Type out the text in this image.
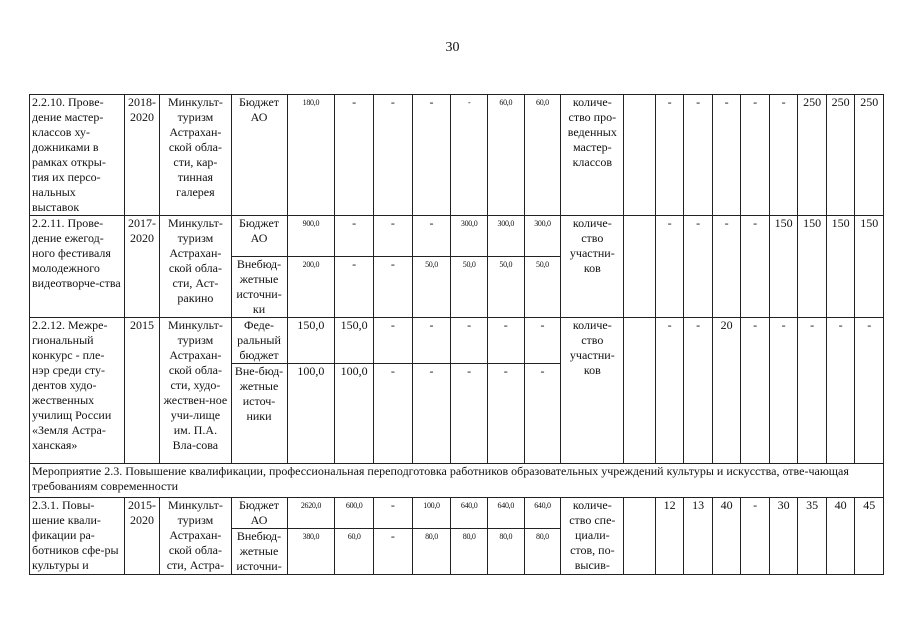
30
2.2.10. Прове-дение мастер-классов ху-дожниками в рамках откры-тия их персо-нальных выставок	2018-2020	Минкульт-туризм Астрахан-ской обла-сти, кар-тинная галерея	Бюджет АО	180,0	-	-	-	-	60,0	60,0	количе-ство про-веденных мастер-классов		-	-	-	-	-	250	250	250
2.2.11. Прове-дение ежегод-ного фестиваля молодежного видеотворче-ства	2017-2020	Минкульт-туризм Астрахан-ской обла-сти, Аст-ракино	Бюджет АО	900,0	-	-	-	300,0	300,0	300,0	количе-ство участни-ков		-	-	-	-	150	150	150	150
			Внебюд-жетные источни-ки	200,0	-	-	50,0	50,0	50,0	50,0										
2.2.12. Межре-гиональный конкурс - пле-нэр среди сту-дентов худо-жественных училищ России «Земля Астра-ханская»	2015	Минкульт-туризм Астрахан-ской обла-сти, худо-жествен-ное учи-лище им. П.А. Вла-сова	Феде-ральный бюджет	150,0	150,0	-	-	-	-	-	количе-ство участни-ков		-	-	20	-	-	-	-	-
			Вне-бюд-жетные источ-ники	100,0	100,0	-	-	-	-	-										
Мероприятие 2.3. Повышение квалификации, профессиональная переподготовка работников образовательных учреждений культуры и искусства, отве-чающая требованиям современности																				
2.3.1. Повы-шение квали-фикации ра-ботников сфе-ры культуры и	2015-2020	Минкульт-туризм Астрахан-ской обла-сти, Астра-	Бюджет АО	2620,0	600,0	-	100,0	640,0	640,0	640,0	количе-ство спе-циали-стов, по-высив-		12	13	40	-	30	35	40	45
			Внебюд-жетные источни-	380,0	60,0	-	80,0	80,0	80,0	80,0										
